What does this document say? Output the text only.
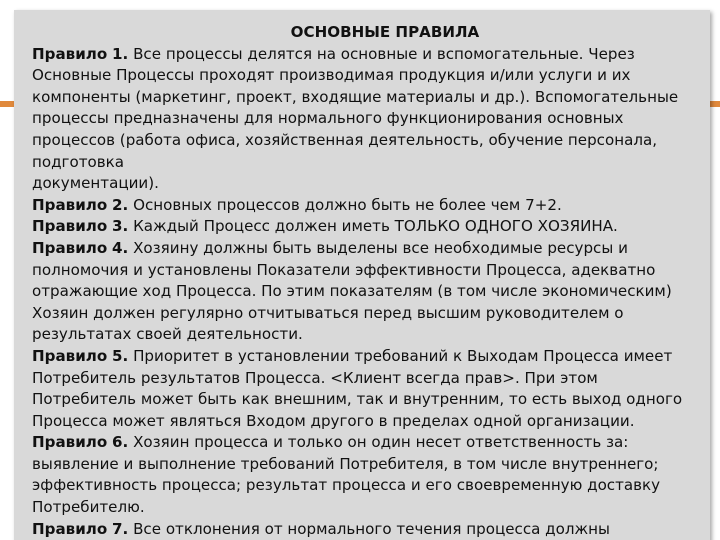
ОСНОВНЫЕ ПРАВИЛА
Правило 1. Все процессы делятся на основные и вспомогательные. Через
Основные Процессы проходят производимая продукция и/или услуги и их
компоненты (маркетинг, проект, входящие материалы и др.). Вспомогательные
процессы предназначены для нормального функционирования основных
процессов (работа офиса, хозяйственная деятельность, обучение персонала,
подготовка
документации).
Правило 2. Основных процессов должно быть не более чем 7+2.
Правило 3. Каждый Процесс должен иметь ТОЛЬКО ОДНОГО ХОЗЯИНА.
Правило 4. Хозяину должны быть выделены все необходимые ресурсы и
полномочия и установлены Показатели эффективности Процесса, адекватно
отражающие ход Процесса. По этим показателям (в том числе экономическим)
Хозяин должен регулярно отчитываться перед высшим руководителем о
результатах своей деятельности.
Правило 5. Приоритет в установлении требований к Выходам Процесса имеет
Потребитель результатов Процесса. <Клиент всегда прав>. При этом
Потребитель может быть как внешним, так и внутренним, то есть выход одного
Процесса может являться Входом другого в пределах одной организации.
Правило 6. Хозяин процесса и только он один несет ответственность за:
выявление и выполнение требований Потребителя, в том числе внутреннего;
эффективность процесса; результат процесса и его своевременную доставку
Потребителю.
Правило 7. Все отклонения от нормального течения процесса должны
